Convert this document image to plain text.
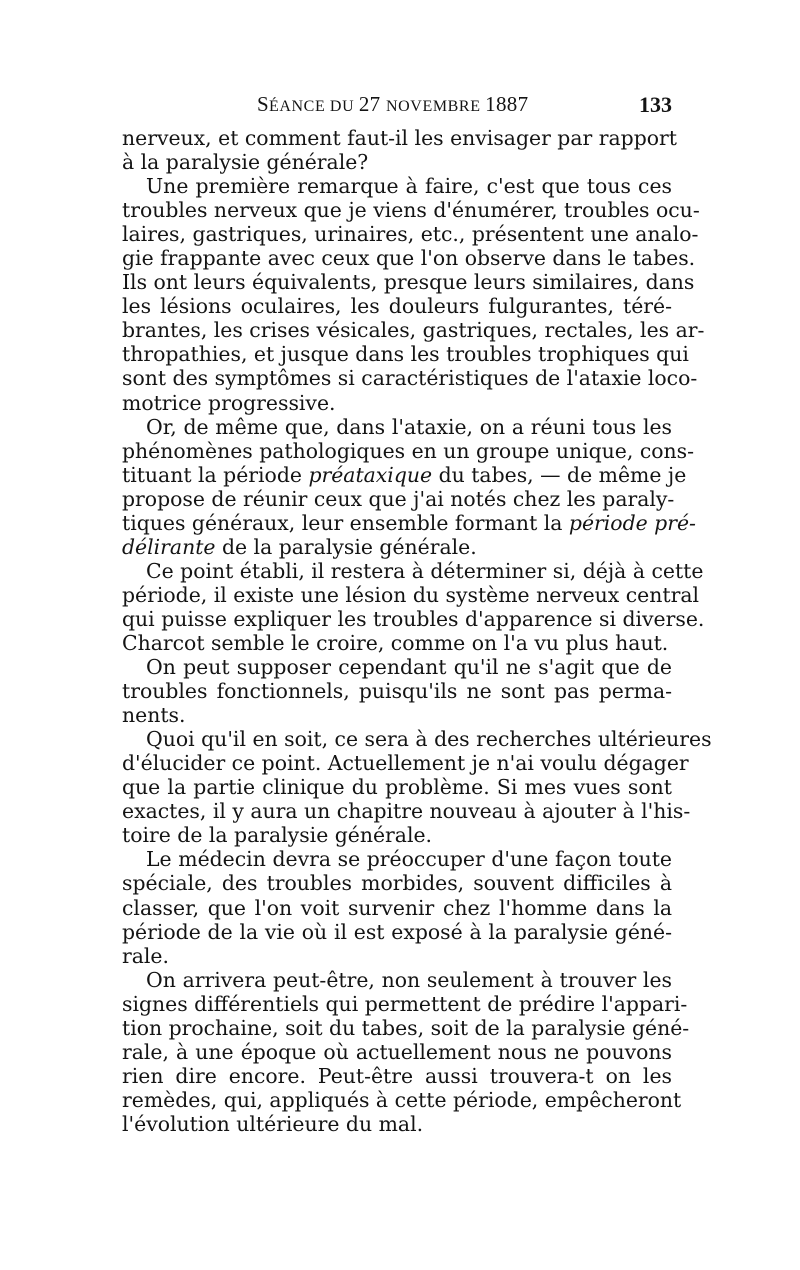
SÉANCE DU 27 NOVEMBRE 1887	133
nerveux, et comment faut-il les envisager par rapport
à la paralysie générale?
Une première remarque à faire, c'est que tous ces
troubles nerveux que je viens d'énumérer, troubles ocu-
laires, gastriques, urinaires, etc., présentent une analo-
gie frappante avec ceux que l'on observe dans le tabes.
Ils ont leurs équivalents, presque leurs similaires, dans
les lésions oculaires, les douleurs fulgurantes, téré-
brantes, les crises vésicales, gastriques, rectales, les ar-
thropathies, et jusque dans les troubles trophiques qui
sont des symptômes si caractéristiques de l'ataxie loco-
motrice progressive.
Or, de même que, dans l'ataxie, on a réuni tous les
phénomènes pathologiques en un groupe unique, cons-
tituant la période préataxique du tabes, — de même je
propose de réunir ceux que j'ai notés chez les paraly-
tiques généraux, leur ensemble formant la période pré-
délirante de la paralysie générale.
Ce point établi, il restera à déterminer si, déjà à cette
période, il existe une lésion du système nerveux central
qui puisse expliquer les troubles d'apparence si diverse.
Charcot semble le croire, comme on l'a vu plus haut.
On peut supposer cependant qu'il ne s'agit que de
troubles fonctionnels, puisqu'ils ne sont pas perma-
nents.
Quoi qu'il en soit, ce sera à des recherches ultérieures
d'élucider ce point. Actuellement je n'ai voulu dégager
que la partie clinique du problème. Si mes vues sont
exactes, il y aura un chapitre nouveau à ajouter à l'his-
toire de la paralysie générale.
Le médecin devra se préoccuper d'une façon toute
spéciale, des troubles morbides, souvent difficiles à
classer, que l'on voit survenir chez l'homme dans la
période de la vie où il est exposé à la paralysie géné-
rale.
On arrivera peut-être, non seulement à trouver les
signes différentiels qui permettent de prédire l'appari-
tion prochaine, soit du tabes, soit de la paralysie géné-
rale, à une époque où actuellement nous ne pouvons
rien dire encore. Peut-être aussi trouvera-t on les
remèdes, qui, appliqués à cette période, empêcheront
l'évolution ultérieure du mal.
